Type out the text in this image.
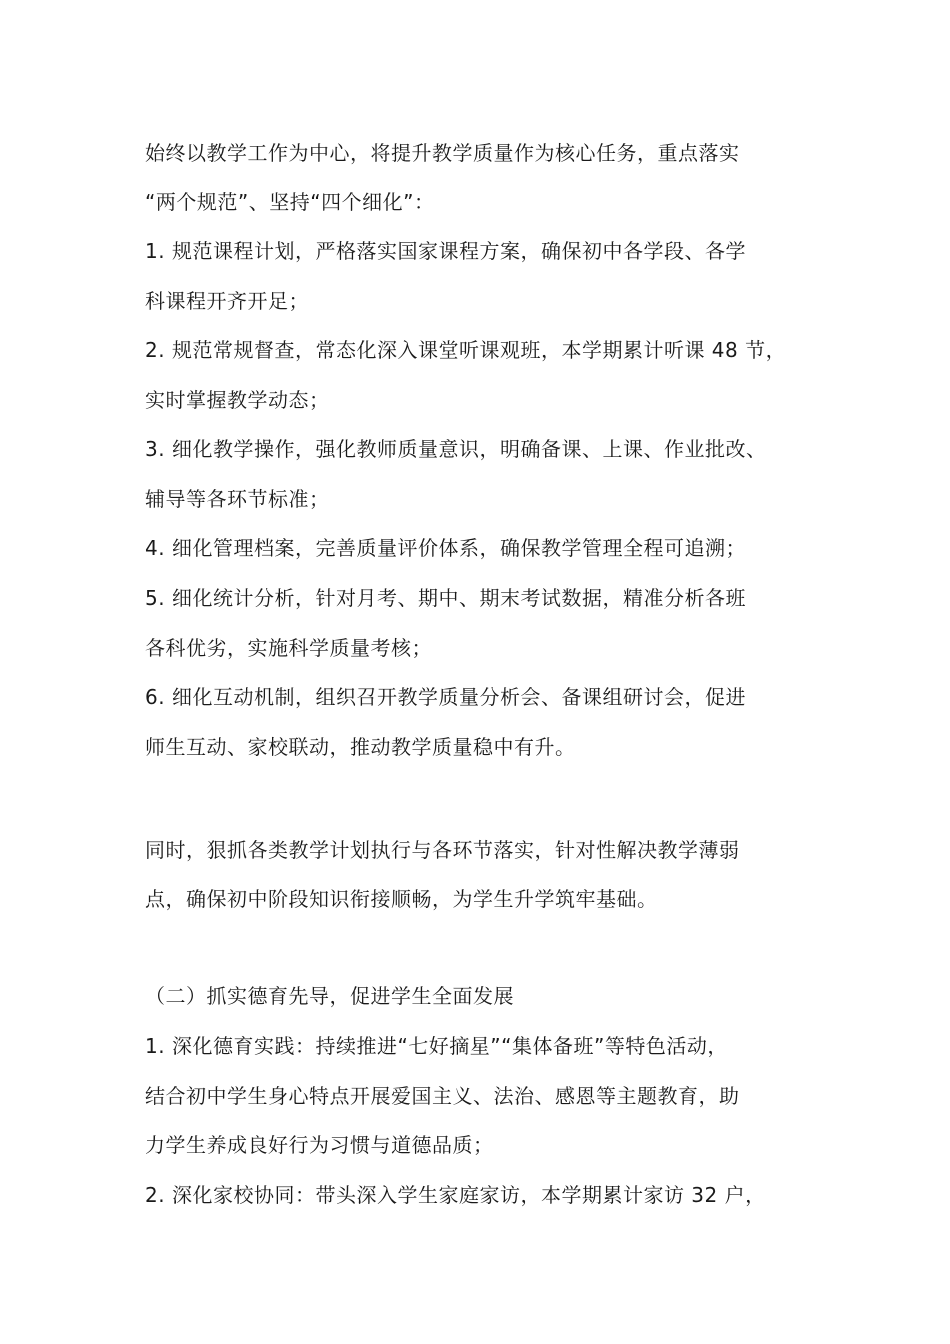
始终以教学工作为中心，将提升教学质量作为核心任务，重点落实
“两个规范”、坚持“四个细化”：
1. 规范课程计划，严格落实国家课程方案，确保初中各学段、各学
科课程开齐开足；
2. 规范常规督查，常态化深入课堂听课观班，本学期累计听课 48 节，
实时掌握教学动态；
3. 细化教学操作，强化教师质量意识，明确备课、上课、作业批改、
辅导等各环节标准；
4. 细化管理档案，完善质量评价体系，确保教学管理全程可追溯；
5. 细化统计分析，针对月考、期中、期末考试数据，精准分析各班
各科优劣，实施科学质量考核；
6. 细化互动机制，组织召开教学质量分析会、备课组研讨会，促进
师生互动、家校联动，推动教学质量稳中有升。
同时，狠抓各类教学计划执行与各环节落实，针对性解决教学薄弱
点，确保初中阶段知识衔接顺畅，为学生升学筑牢基础。
（二）抓实德育先导，促进学生全面发展
1. 深化德育实践：持续推进“七好摘星”“集体备班”等特色活动，
结合初中学生身心特点开展爱国主义、法治、感恩等主题教育，助
力学生养成良好行为习惯与道德品质；
2. 深化家校协同：带头深入学生家庭家访，本学期累计家访 32 户，
